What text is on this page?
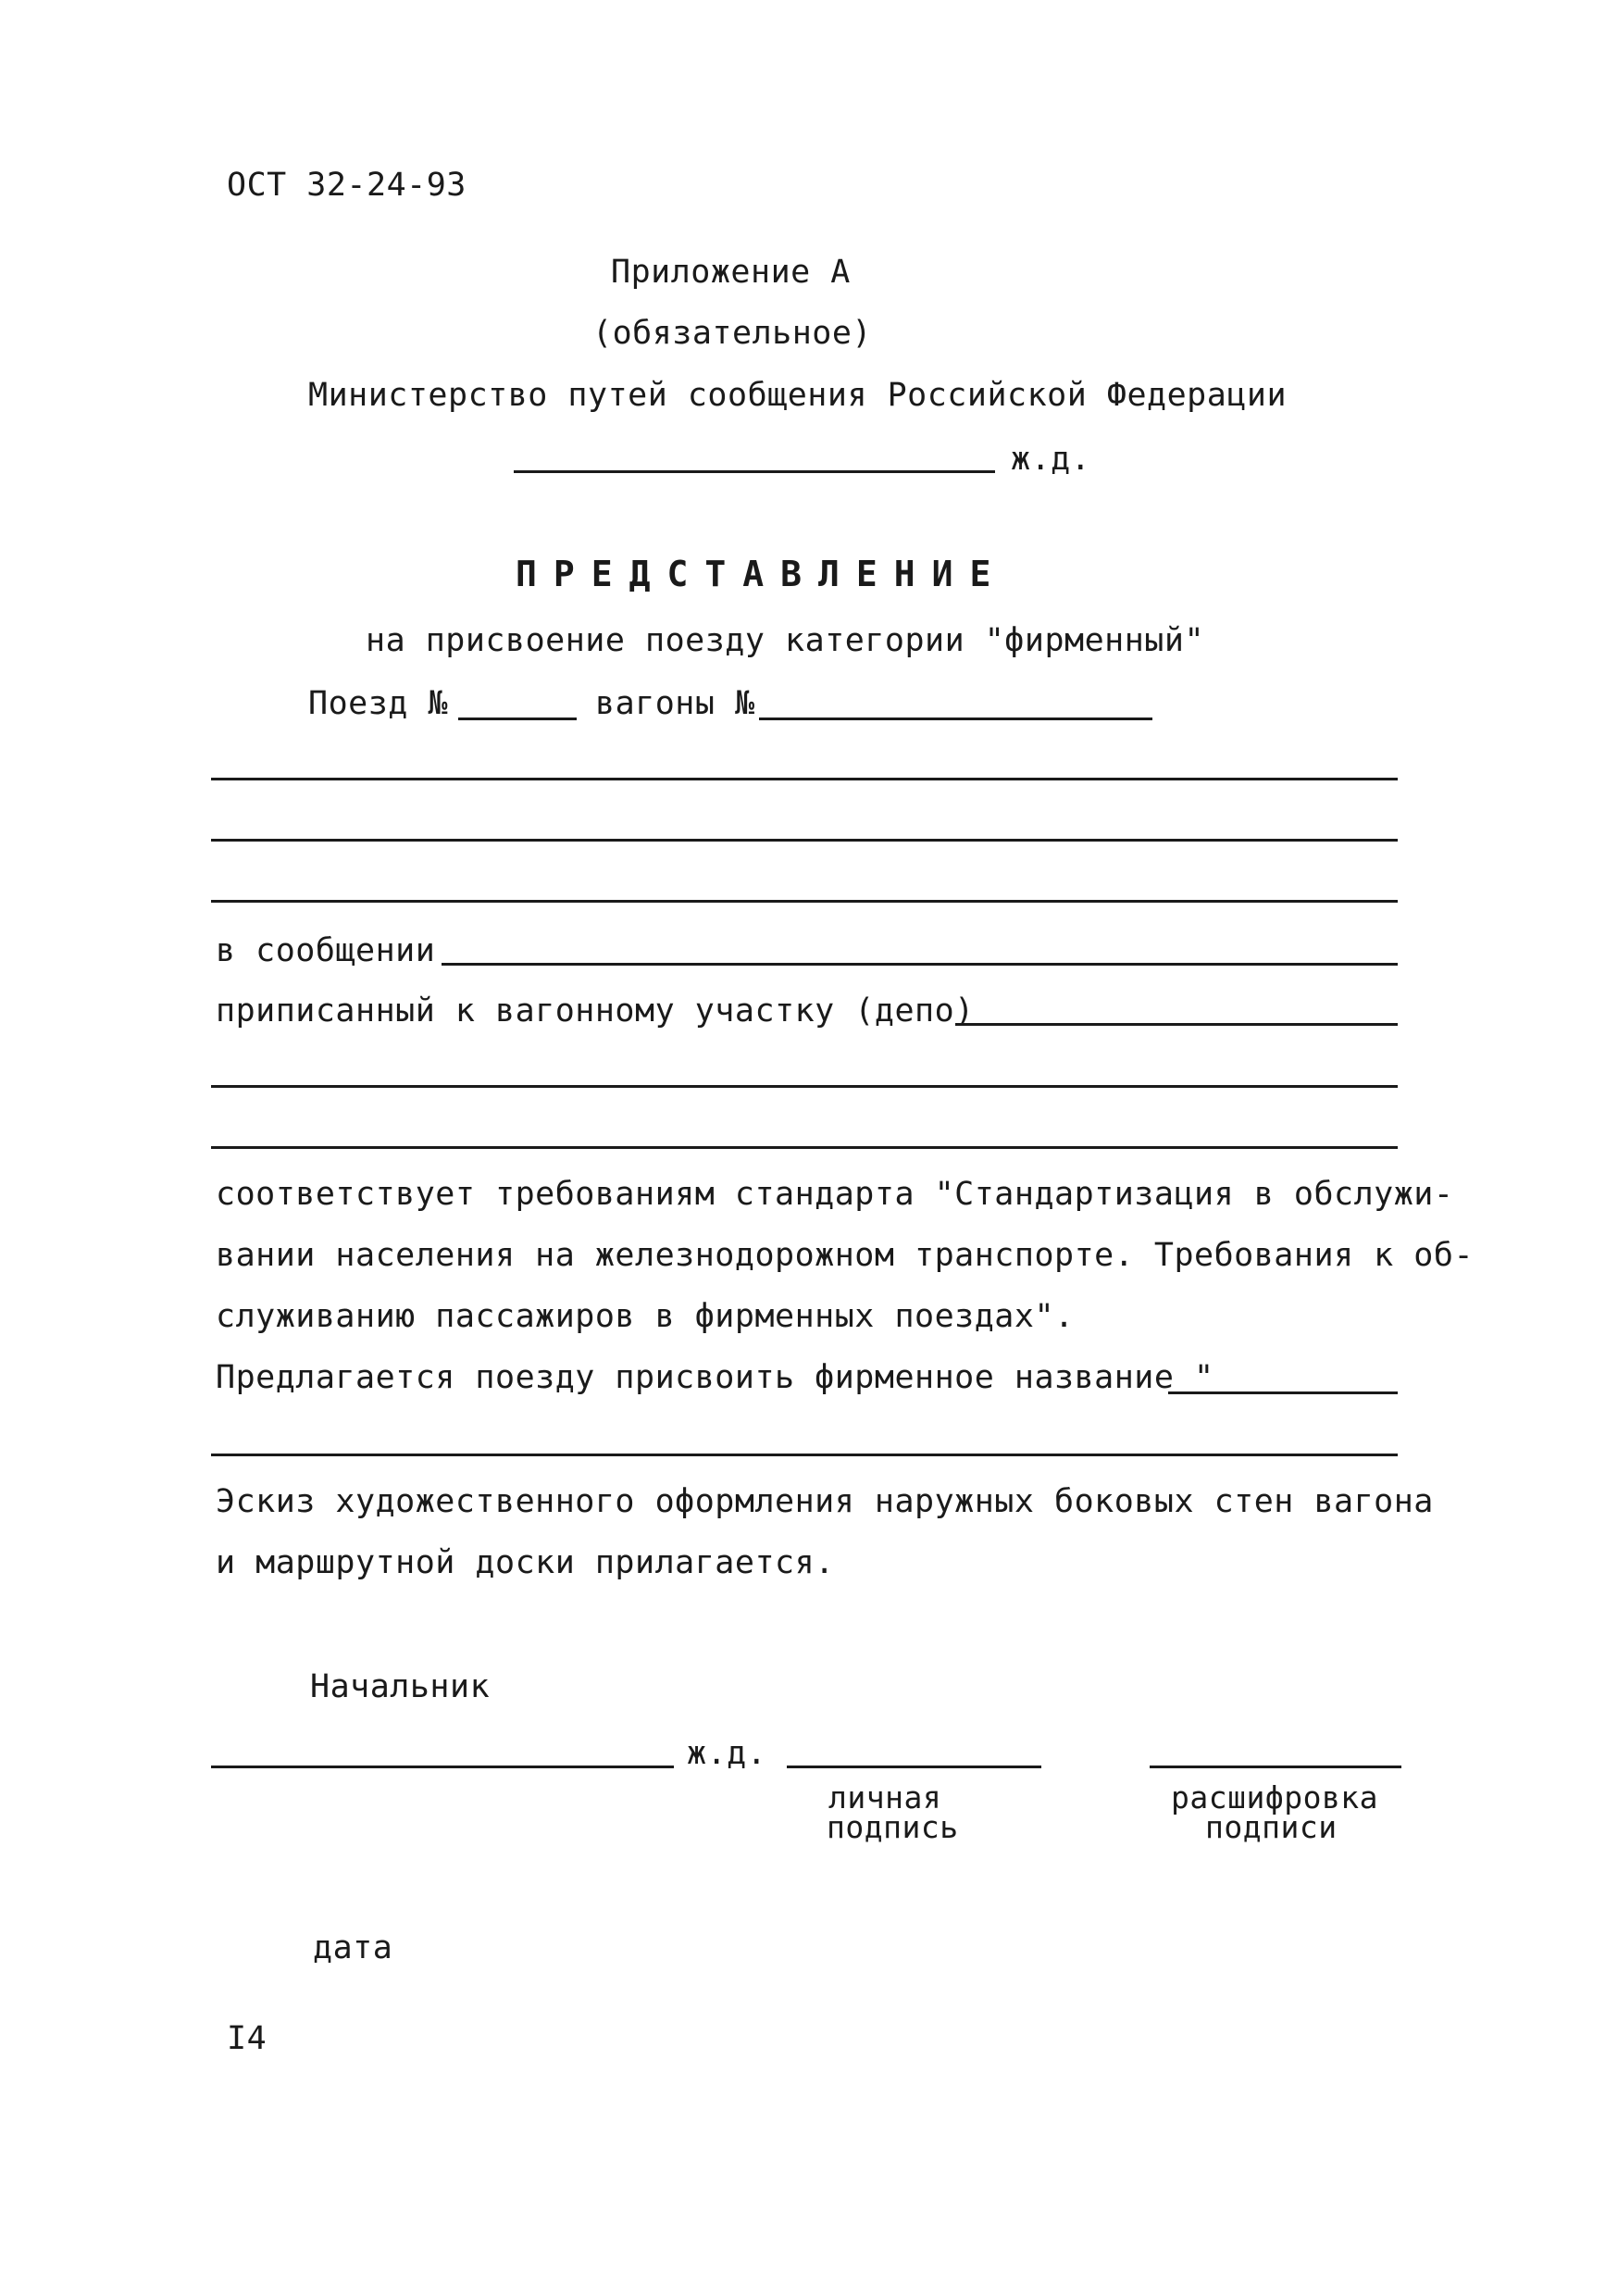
ОСТ 32-24-93
Приложение А
(обязательное)
Министерство путей сообщения Российской Федерации
ж.д.
ПРЕДСТАВЛЕНИЕ
на присвоение поезду категории "фирменный"
Поезд №	вагоны №
в сообщении
приписанный к вагонному участку (депо)
соответствует требованиям стандарта "Стандартизация в обслужи-
вании населения на железнодорожном транспорте. Требования к об-
служиванию пассажиров в фирменных поездах".
Предлагается поезду присвоить фирменное название "
Эскиз художественного оформления наружных боковых стен вагона
и маршрутной доски прилагается.
Начальник
ж.д.
личная
подпись
расшифровка
подписи
дата
I4
